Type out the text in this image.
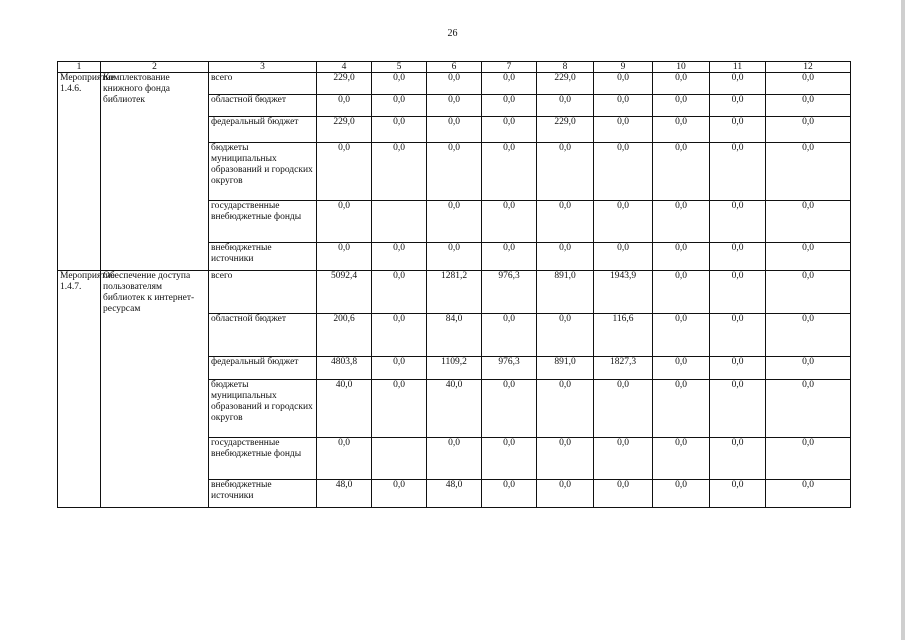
26
1	2	3	4	5	6	7	8	9	10	11	12
Мероприятие 1.4.6.	Комплектование книжного фонда библиотек	всего	229,0	0,0	0,0	0,0	229,0	0,0	0,0	0,0	0,0
		областной бюджет	0,0	0,0	0,0	0,0	0,0	0,0	0,0	0,0	0,0
		федеральный бюджет	229,0	0,0	0,0	0,0	229,0	0,0	0,0	0,0	0,0
		бюджеты муниципальных образований и городских округов	0,0	0,0	0,0	0,0	0,0	0,0	0,0	0,0	0,0
		государственные внебюджетные фонды	0,0		0,0	0,0	0,0	0,0	0,0	0,0	0,0
		внебюджетные источники	0,0	0,0	0,0	0,0	0,0	0,0	0,0	0,0	0,0
Мероприятие 1.4.7.	Обеспечение доступа пользователям библиотек к интернет-ресурсам	всего	5092,4	0,0	1281,2	976,3	891,0	1943,9	0,0	0,0	0,0
		областной бюджет	200,6	0,0	84,0	0,0	0,0	116,6	0,0	0,0	0,0
		федеральный бюджет	4803,8	0,0	1109,2	976,3	891,0	1827,3	0,0	0,0	0,0
		бюджеты муниципальных образований и городских округов	40,0	0,0	40,0	0,0	0,0	0,0	0,0	0,0	0,0
		государственные внебюджетные фонды	0,0		0,0	0,0	0,0	0,0	0,0	0,0	0,0
		внебюджетные источники	48,0	0,0	48,0	0,0	0,0	0,0	0,0	0,0	0,0
